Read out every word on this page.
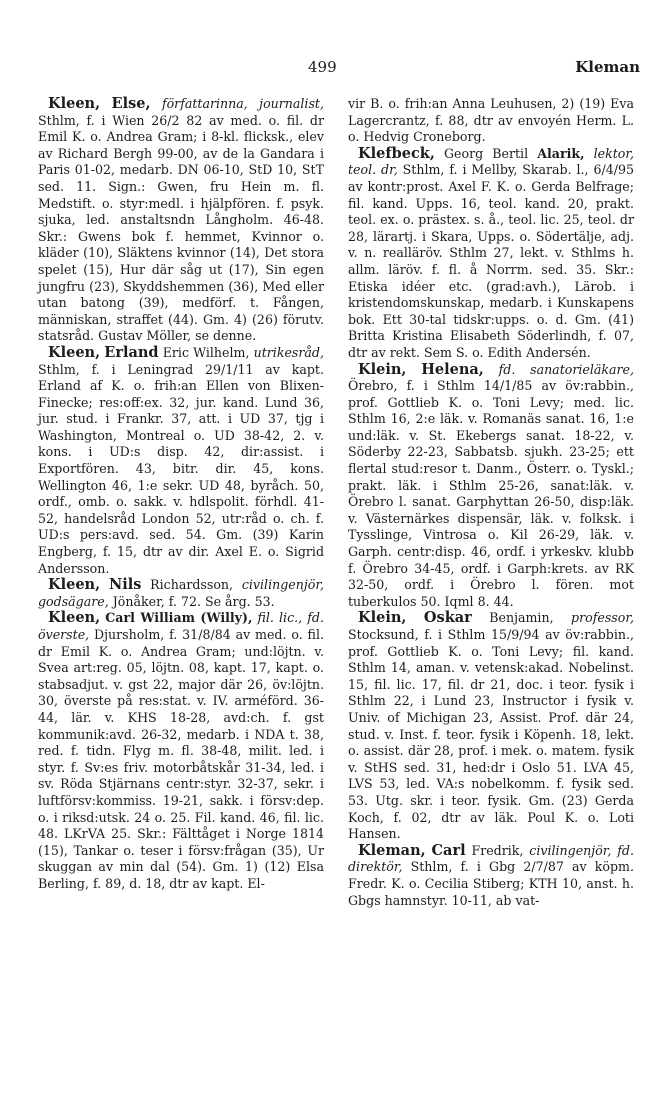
499	Kleman

Kleen, Else, författarinna, journalist, Sthlm, f. i Wien 26/2 82 av med. o. fil. dr Emil K. o. Andrea Gram; i 8-kl. flicksk., elev av Richard Bergh 99-00, av de la Gandara i Paris 01-02, medarb. DN 06-10, StD 10, StT sed. 11. Sign.: Gwen, fru Hein m. fl. Medstift. o. styr:medl. i hjälpfören. f. psyk. sjuka, led. anstaltsndn Långholm. 46-48. Skr.: Gwens bok f. hemmet, Kvinnor o. kläder (10), Släktens kvinnor (14), Det stora spelet (15), Hur där såg ut (17), Sin egen jungfru (23), Skyddshemmen (36), Med eller utan batong (39), medförf. t. Fången, människan, straffet (44). Gm. 4) (26) förutv. statsråd. Gustav Möller, se denne.

Kleen, Erland Eric Wilhelm, utrikesråd, Sthlm, f. i Leningrad 29/1/11 av kapt. Erland af K. o. frih:an Ellen von Blixen-Finecke; res:off:ex. 32, jur. kand. Lund 36, jur. stud. i Frankr. 37, att. i UD 37, tjg i Washington, Montreal o. UD 38-42, 2. v. kons. i UD:s disp. 42, dir:assist. i Exportfören. 43, bitr. dir. 45, kons. Wellington 46, 1:e sekr. UD 48, byråch. 50, ordf., omb. o. sakk. v. hdlspolit. förhdl. 41-52, handelsråd London 52, utr:råd o. ch. f. UD:s pers:avd. sed. 54. Gm. (39) Karin Engberg, f. 15, dtr av dir. Axel E. o. Sigrid Andersson.

Kleen, Nils Richardsson, civilingenjör, godsägare, Jönåker, f. 72. Se årg. 53.

Kleen, Carl William (Willy), fil. lic., fd. överste, Djursholm, f. 31/8/84 av med. o. fil. dr Emil K. o. Andrea Gram; und:löjtn. v. Svea art:reg. 05, löjtn. 08, kapt. 17, kapt. o. stabsadjut. v. gst 22, major där 26, öv:löjtn. 30, överste på res:stat. v. IV. arméförd. 36-44, lär. v. KHS 18-28, avd:ch. f. gst kommunik:avd. 26-32, medarb. i NDA t. 38, red. f. tidn. Flyg m. fl. 38-48, milit. led. i styr. f. Sv:es friv. motorbåtskår 31-34, led. i sv. Röda Stjärnans centr:styr. 32-37, sekr. i luftförsv:kommiss. 19-21, sakk. i försv:dep. o. i riksd:utsk. 24 o. 25. Fil. kand. 46, fil. lic. 48. LKrVA 25. Skr.: Fälttåget i Norge 1814 (15), Tankar o. teser i försv:frågan (35), Ur skuggan av min dal (54). Gm. 1) (12) Elsa Berling, f. 89, d. 18, dtr av kapt. El-

vir B. o. frih:an Anna Leuhusen, 2) (19) Eva Lagercrantz, f. 88, dtr av envoyén Herm. L. o. Hedvig Croneborg.

Klefbeck, Georg Bertil Alarik, lektor, teol. dr, Sthlm, f. i Mellby, Skarab. l., 6/4/95 av kontr:prost. Axel F. K. o. Gerda Belfrage; fil. kand. Upps. 16, teol. kand. 20, prakt. teol. ex. o. prästex. s. å., teol. lic. 25, teol. dr 28, lärartj. i Skara, Upps. o. Södertälje, adj. v. n. realläröv. Sthlm 27, lekt. v. Sthlms h. allm. läröv. f. fl. å Norrm. sed. 35. Skr.: Etiska idéer etc. (grad:avh.), Lärob. i kristendomskunskap, medarb. i Kunskapens bok. Ett 30-tal tidskr:upps. o. d. Gm. (41) Britta Kristina Elisabeth Söderlindh, f. 07, dtr av rekt. Sem S. o. Edith Andersén.

Klein, Helena, fd. sanatorieläkare, Örebro, f. i Sthlm 14/1/85 av öv:rabbin., prof. Gottlieb K. o. Toni Levy; med. lic. Sthlm 16, 2:e läk. v. Romanäs sanat. 16, 1:e und:läk. v. St. Ekebergs sanat. 18-22, v. Söderby 22-23, Sabbatsb. sjukh. 23-25; ett flertal stud:resor t. Danm., Österr. o. Tyskl.; prakt. läk. i Sthlm 25-26, sanat:läk. v. Örebro l. sanat. Garphyttan 26-50, disp:läk. v. Västernärkes dispensär, läk. v. folksk. i Tysslinge, Vintrosa o. Kil 26-29, läk. v. Garph. centr:disp. 46, ordf. i yrkeskv. klubb f. Örebro 34-45, ordf. i Garph:krets. av RK 32-50, ordf. i Örebro l. fören. mot tuberkulos 50. Iqml 8. 44.

Klein, Oskar Benjamin, professor, Stocksund, f. i Sthlm 15/9/94 av öv:rabbin., prof. Gottlieb K. o. Toni Levy; fil. kand. Sthlm 14, aman. v. vetensk:akad. Nobelinst. 15, fil. lic. 17, fil. dr 21, doc. i teor. fysik i Sthlm 22, i Lund 23, Instructor i fysik v. Univ. of Michigan 23, Assist. Prof. där 24, stud. v. Inst. f. teor. fysik i Köpenh. 18, lekt. o. assist. där 28, prof. i mek. o. matem. fysik v. StHS sed. 31, hed:dr i Oslo 51. LVA 45, LVS 53, led. VA:s nobelkomm. f. fysik sed. 53. Utg. skr. i teor. fysik. Gm. (23) Gerda Koch, f. 02, dtr av läk. Poul K. o. Loti Hansen.

Kleman, Carl Fredrik, civilingenjör, fd. direktör, Sthlm, f. i Gbg 2/7/87 av köpm. Fredr. K. o. Cecilia Stiberg; KTH 10, anst. h. Gbgs hamnstyr. 10-11, ab vat-
